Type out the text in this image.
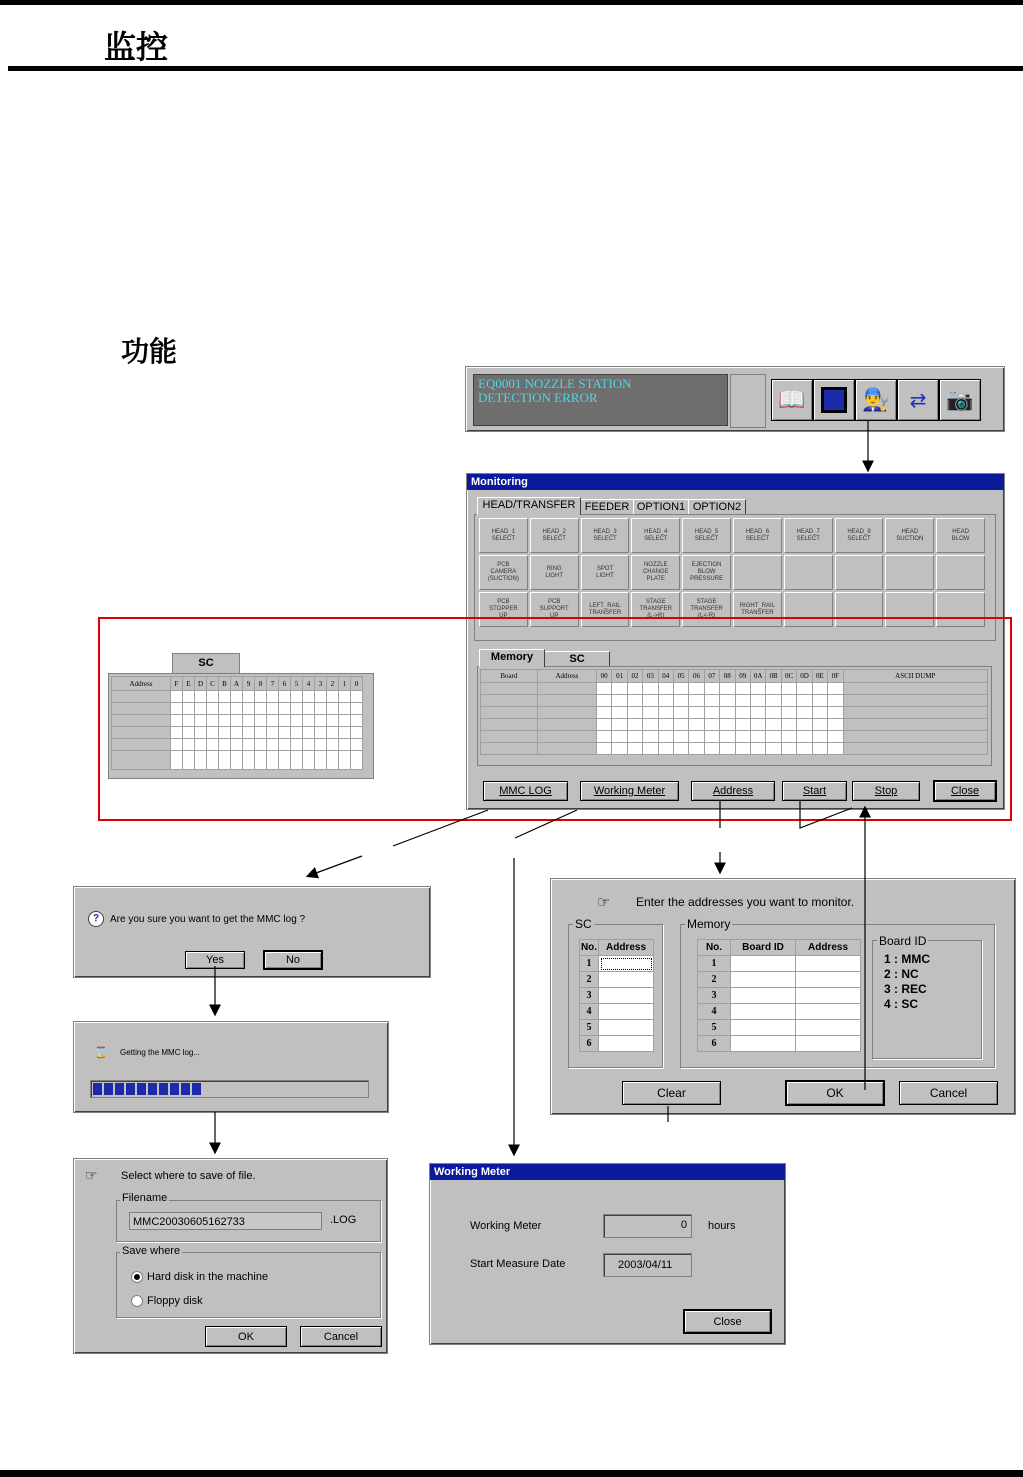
监控
功能
EQ0001 NOZZLE STATION
DETECTION ERROR	📖	👨‍🔧 ⇄ 📷
Monitoring
HEAD/TRANSFER FEEDER OPTION1 OPTION2
HEAD_1
SELECT
HEAD_2
SELECT
HEAD_3
SELECT
HEAD_4
SELECT
HEAD_5
SELECT
HEAD_6
SELECT
HEAD_7
SELECT
HEAD_8
SELECT
HEAD
SUCTION
HEAD
BLOW
PCB
CAMERA
(SUCTION)
RING
LIGHT
SPOT
LIGHT
NOZZLE
CHANGE
PLATE
EJECTION
BLOW
PRESSURE
PCB
STOPPER
UP
PCB
SUPPORT
UP
LEFT_RAIL
TRANSFER
STAGE
TRANSFER
(L->R)
STAGE
TRANSFER
(L<-R)
RIGHT_RAIL
TRANSFER
Memory	SC
Board	Address	00	01	02	03	04	05	06	07	08	09	0A	0B	0C	0D	0E	0F	ASCII DUMP

MMC LOG	Working Meter	Address	Start	Stop	Close
SC
Address	F	E	D	C	B	A	9	8	7	6	5	4	3	2	1	0

?	Are you sure you want to get the MMC log ?
Yes	No
⌛ Getting the MMC log...
☞ Select where to save of file.
Filename
MMC20030605162733	.LOG
Save where
Hard disk in the machine
Floppy disk
OK	Cancel
☞ Enter the addresses you want to monitor.
SC
No.	Address
1	
2	
3	
4	
5	
6	
Memory
No.	Board ID	Address
1		
2		
3		
4		
5		
6		
Board ID
1 : MMC
2 : NC
3 : REC
4 : SC
Clear	OK	Cancel
Working Meter
Working Meter	0 hours
Start Measure Date	2003/04/11
Close
